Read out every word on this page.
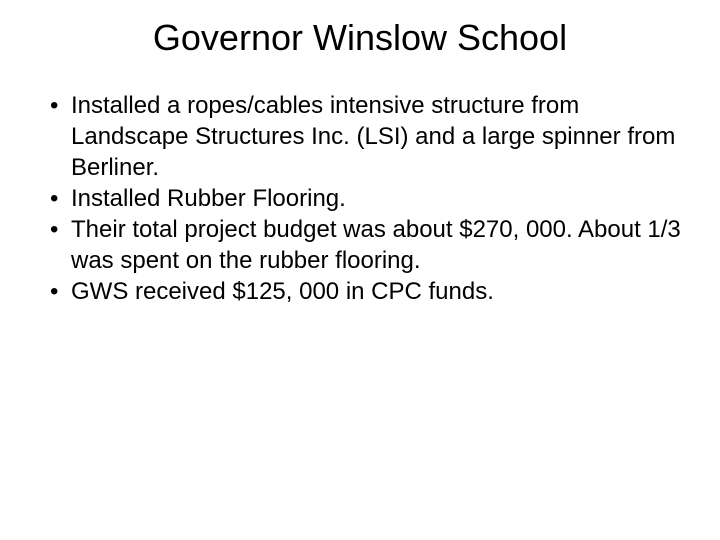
Governor Winslow School
• Installed a ropes/cables intensive structure from Landscape Structures Inc. (LSI) and a large spinner from Berliner.
• Installed Rubber Flooring.
• Their total project budget was about $270, 000. About 1/3 was spent on the rubber flooring.
• GWS received $125, 000 in CPC funds.
